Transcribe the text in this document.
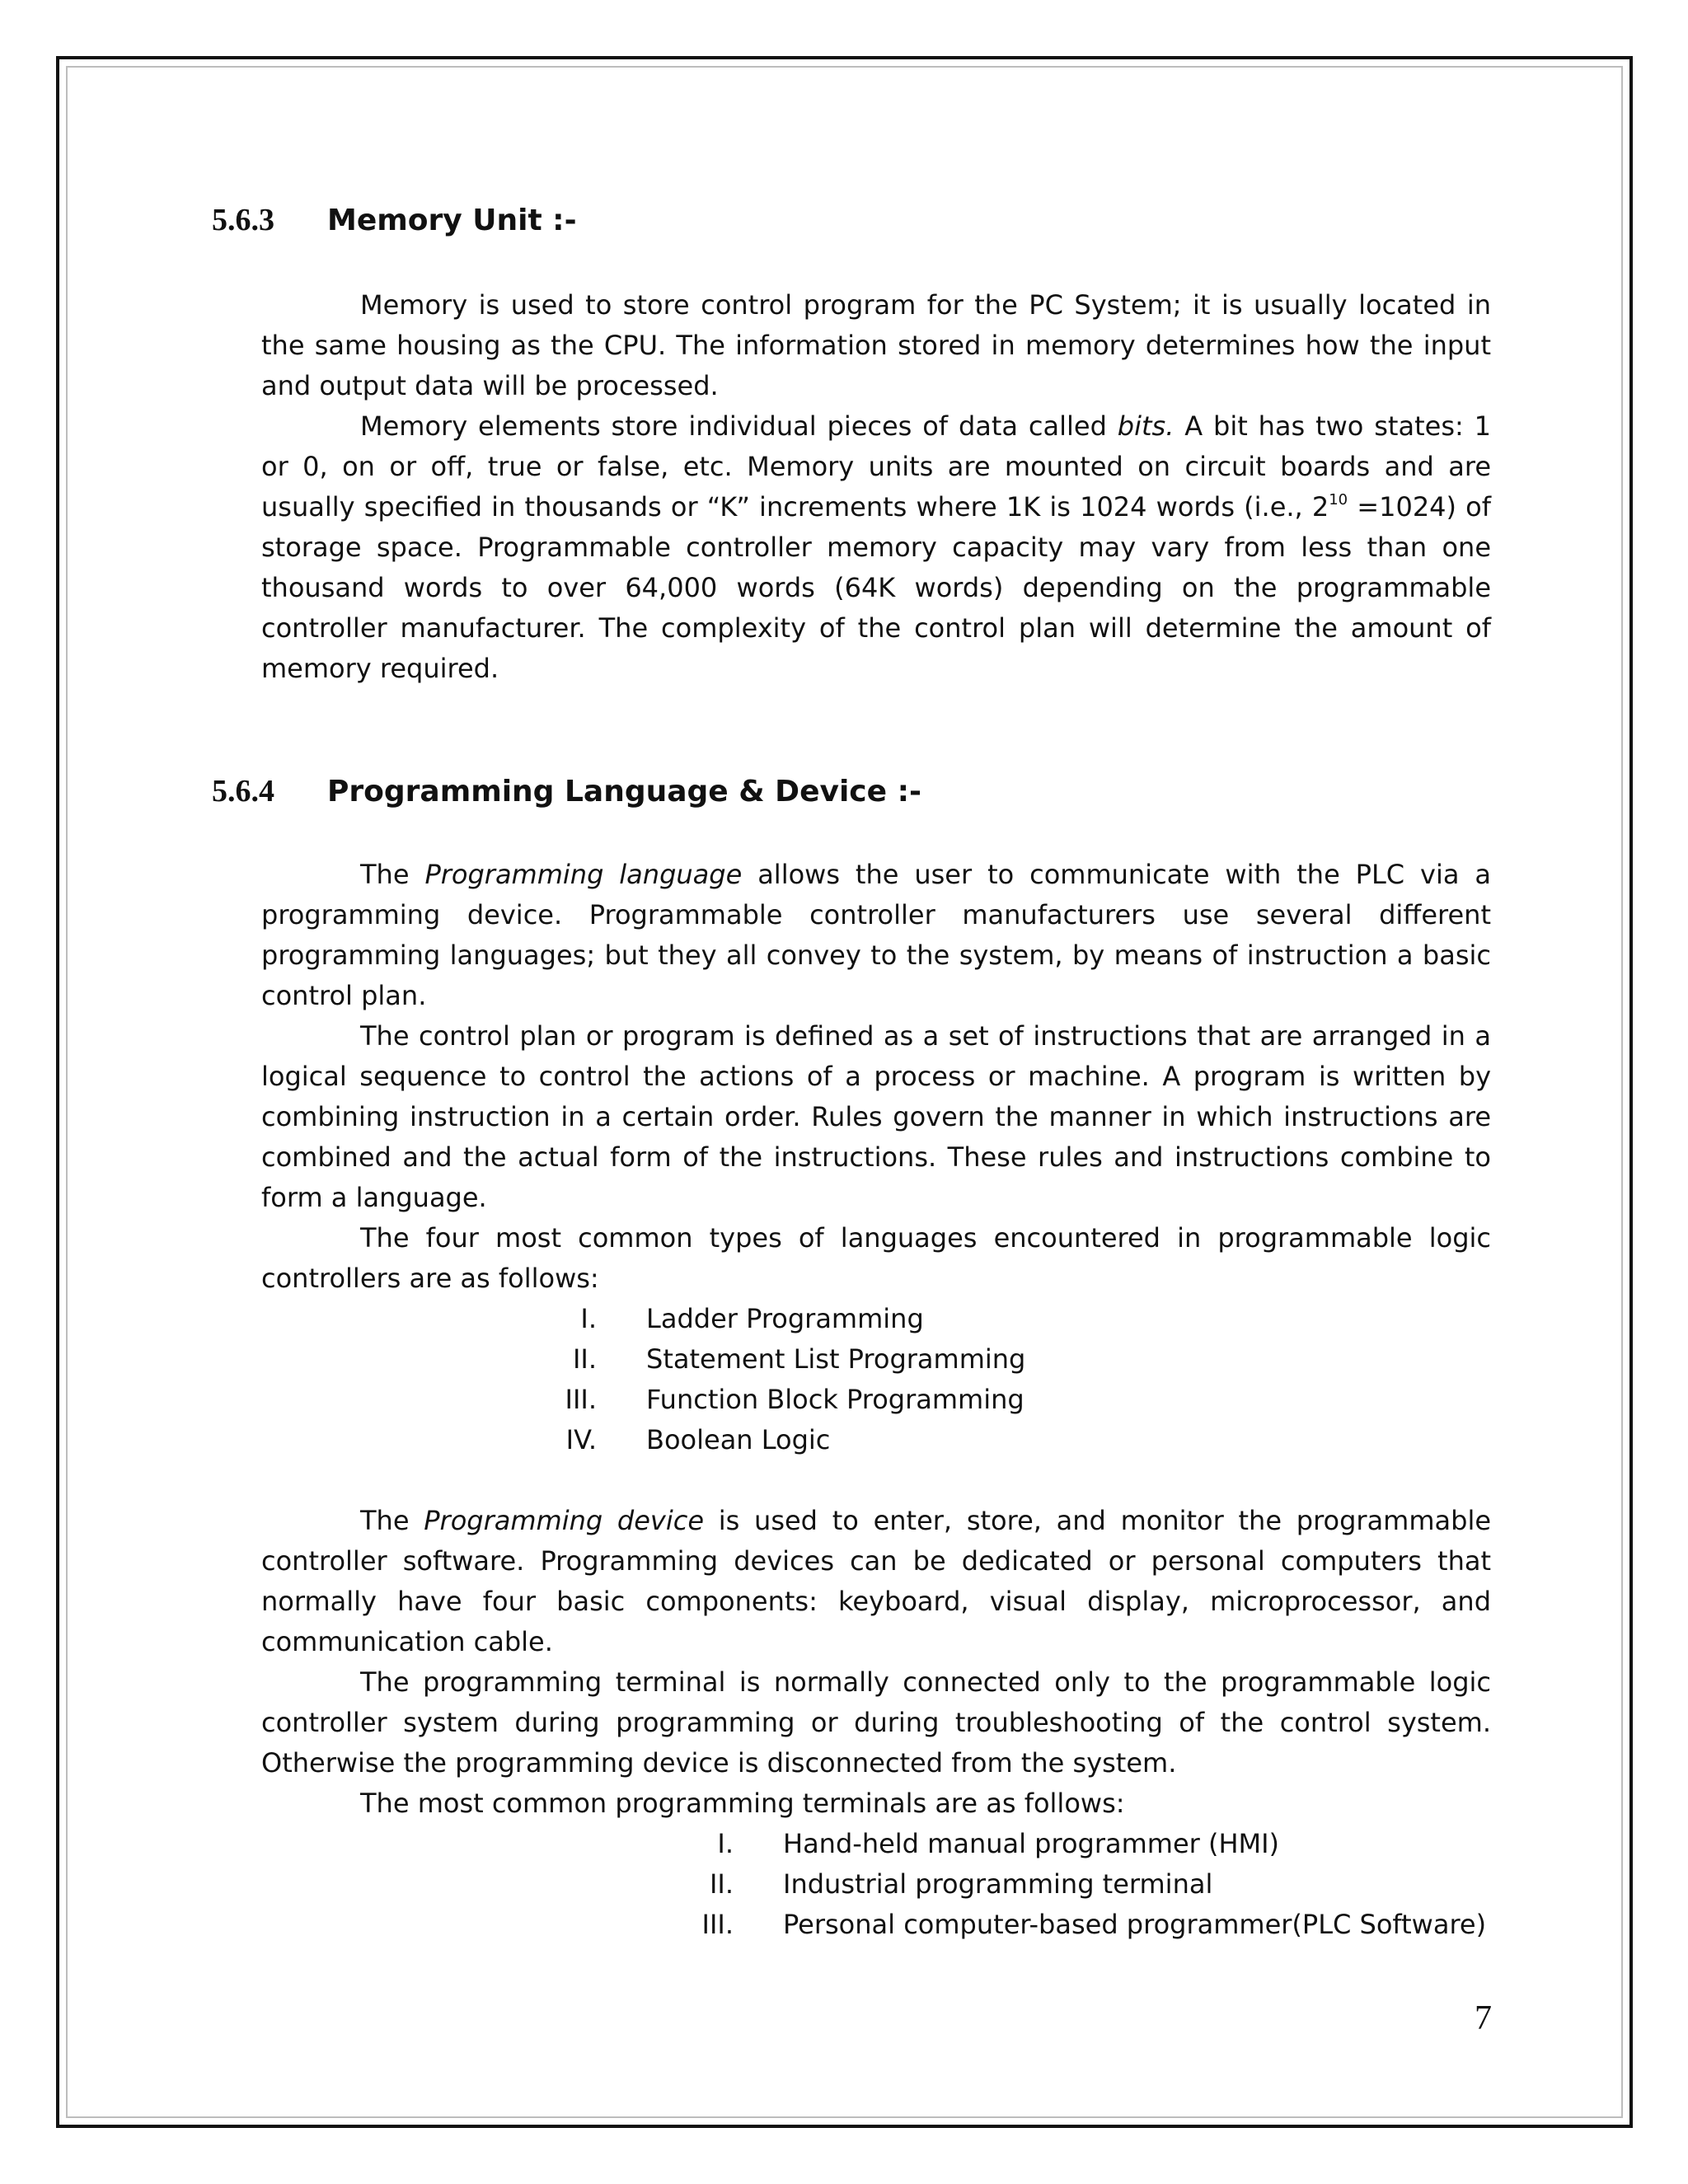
5.6.3	Memory Unit :-

Memory is used to store control program for the PC System; it is usually located in the same housing as the CPU. The information stored in memory determines how the input and output data will be processed.

Memory elements store individual pieces of data called bits. A bit has two states: 1 or 0, on or off, true or false, etc. Memory units are mounted on circuit boards and are usually specified in thousands or “K” increments where 1K is 1024 words (i.e., $2^{10} =1024$) of storage space. Programmable controller memory capacity may vary from less than one thousand words to over 64,000 words (64K words) depending on the programmable controller manufacturer. The complexity of the control plan will determine the amount of memory required.

5.6.4	Programming Language & Device :-

The Programming language allows the user to communicate with the PLC via a programming device. Programmable controller manufacturers use several different programming languages; but they all convey to the system, by means of instruction a basic control plan.

The control plan or program is defined as a set of instructions that are arranged in a logical sequence to control the actions of a process or machine. A program is written by combining instruction in a certain order. Rules govern the manner in which instructions are combined and the actual form of the instructions. These rules and instructions combine to form a language.

The four most common types of languages encountered in programmable logic controllers are as follows:

I. Ladder Programming
II. Statement List Programming
III. Function Block Programming
IV. Boolean Logic

The Programming device is used to enter, store, and monitor the programmable controller software. Programming devices can be dedicated or personal computers that normally have four basic components: keyboard, visual display, microprocessor, and communication cable.

The programming terminal is normally connected only to the programmable logic controller system during programming or during troubleshooting of the control system. Otherwise the programming device is disconnected from the system.

The most common programming terminals are as follows:

I. Hand-held manual programmer (HMI)
II. Industrial programming terminal
III. Personal computer-based programmer(PLC Software)
7
